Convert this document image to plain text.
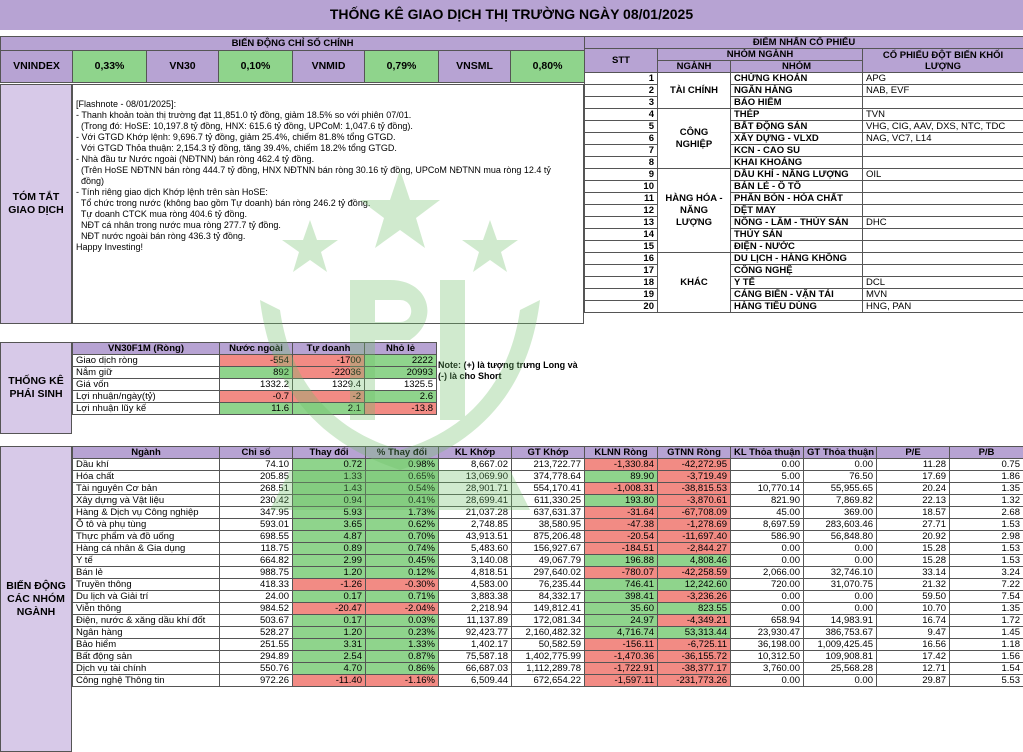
THỐNG KÊ GIAO DỊCH THỊ TRƯỜNG NGÀY 08/01/2025
BIẾN ĐỘNG CHỈ SỐ CHÍNH
VNINDEX	0,33%	VN30	0,10%	VNMID	0,79%	VNSML	0,80%
TÓM TẮT GIAO DỊCH

[Flashnote - 08/01/2025]:

- Thanh khoản toàn thị trường đạt 11,851.0 tỷ đồng, giảm 18.5% so với phiên 07/01.

(Trong đó: HoSE: 10,197.8 tỷ đồng, HNX: 615.6 tỷ đồng, UPCoM: 1,047.6 tỷ đồng).

- Với GTGD Khớp lệnh: 9,696.7 tỷ đồng, giảm 25.4%, chiếm 81.8% tổng GTGD.

Với GTGD Thỏa thuận: 2,154.3 tỷ đồng, tăng 39.4%, chiếm 18.2% tổng GTGD.

- Nhà đầu tư Nước ngoài (NĐTNN) bán ròng 462.4 tỷ đồng.

(Trên HoSE NĐTNN bán ròng 444.7 tỷ đồng, HNX NĐTNN bán ròng 30.16 tỷ đồng, UPCoM NĐTNN mua ròng 12.4 tỷ

đồng)

- Tính riêng giao dịch Khớp lệnh trên sàn HoSE:

Tổ chức trong nước (không bao gồm Tự doanh) bán ròng 246.2 tỷ đồng.

Tự doanh CTCK mua ròng 404.6 tỷ đồng.

NĐT cá nhân trong nước mua ròng 277.7 tỷ đồng.

NĐT nước ngoài bán ròng 436.3 tỷ đồng.

Happy Investing!

THỐNG KÊ PHÁI SINH
VN30F1M (Ròng)	Nước ngoài	Tự doanh	Nhỏ lẻ
Giao dịch ròng	-554	-1700	2222
Nắm giữ	892	-22036	20993
Giá vốn	1332.2	1329.4	1325.5
Lợi nhuận/ngày(tỷ)	-0.7	-2	2.6
Lợi nhuận lũy kế	11.6	2.1	-13.8
Note: (+) là tượng trưng Long và (-) là cho Short
ĐIỂM NHẤN CỔ PHIẾU			
STT	NHÓM NGÀNH		CỔ PHIẾU ĐỘT BIẾN KHỐI LƯỢNG
	NGÀNH	NHÓM	
1	TÀI CHÍNH	CHỨNG KHOÁN	APG
2		NGÂN HÀNG	NAB, EVF
3		BẢO HIỂM	
4	CÔNG NGHIỆP	THÉP	TVN
5		BẤT ĐỘNG SẢN	VHG, CIG, AAV, DXS, NTC, TDC
6		XÂY DỰNG - VLXD	NAG, VC7, L14
7		KCN - CAO SU	
8		KHAI KHOÁNG	
9	HÀNG HÓA - NĂNG LƯỢNG	DẦU KHÍ - NĂNG LƯỢNG	OIL
10		BÁN LẺ - Ô TÔ	
11		PHÂN BÓN - HÓA CHẤT	
12		DỆT MAY	
13		NÔNG - LÂM - THỦY SẢN	DHC
14		THỦY SẢN	
15		ĐIỆN - NƯỚC	
16	KHÁC	DU LỊCH - HÀNG KHÔNG	
17		CÔNG NGHỆ	
18		Y TẾ	DCL
19		CẢNG BIỂN - VẬN TẢI	MVN
20		HÀNG TIÊU DÙNG	HNG, PAN
BIẾN ĐỘNG CÁC NHÓM NGÀNH
Ngành	Chỉ số	Thay đổi	% Thay đổi	KL Khớp	GT Khớp	KLNN Ròng	GTNN Ròng	KL Thỏa thuận	GT Thỏa thuận	P/E	P/B
Dầu khí	74.10	0.72	0.98%	8,667.02	213,722.77	-1,330.84	-42,272.95	0.00	0.00	11.28	0.75
Hóa chất	205.85	1.33	0.65%	13,069.90	374,778.64	89.90	-3,719.49	5.00	76.50	17.69	1.86
Tài nguyên Cơ bản	268.51	1.43	0.54%	28,901.71	554,170.41	-1,008.31	-38,815.53	10,770.14	55,955.65	20.24	1.35
Xây dựng và Vật liệu	230.42	0.94	0.41%	28,699.41	611,330.25	193.80	-3,870.61	821.90	7,869.82	22.13	1.32
Hàng & Dịch vụ Công nghiệp	347.95	5.93	1.73%	21,037.28	637,631.37	-31.64	-67,708.09	45.00	369.00	18.57	2.68
Ô tô và phụ tùng	593.01	3.65	0.62%	2,748.85	38,580.95	-47.38	-1,278.69	8,697.59	283,603.46	27.71	1.53
Thực phẩm và đồ uống	698.55	4.87	0.70%	43,913.51	875,206.48	-20.54	-11,697.40	586.90	56,848.80	20.92	2.98
Hàng cá nhân & Gia dụng	118.75	0.89	0.74%	5,483.60	156,927.67	-184.51	-2,844.27	0.00	0.00	15.28	1.53
Y tế	664.82	2.99	0.45%	3,140.08	49,067.79	196.88	4,808.46	0.00	0.00	15.28	1.53
Bán lẻ	988.75	1.20	0.12%	4,818.51	297,640.02	-780.07	-42,258.59	2,066.00	32,746.10	33.14	3.24
Truyền thông	418.33	-1.26	-0.30%	4,583.00	76,235.44	746.41	12,242.60	720.00	31,070.75	21.32	7.22
Du lịch và Giải trí	24.00	0.17	0.71%	3,883.38	84,332.17	398.41	-3,236.26	0.00	0.00	59.50	7.54
Viễn thông	984.52	-20.47	-2.04%	2,218.94	149,812.41	35.60	823.55	0.00	0.00	10.70	1.35
Điện, nước & xăng dầu khí đốt	503.67	0.17	0.03%	11,137.89	172,081.34	24.97	-4,349.21	658.94	14,983.91	16.74	1.72
Ngân hàng	528.27	1.20	0.23%	92,423.77	2,160,482.32	4,716.74	53,313.44	23,930.47	386,753.67	9.47	1.45
Bảo hiểm	251.55	3.31	1.33%	1,402.17	50,582.59	-156.11	-6,725.11	36,198.00	1,009,425.45	16.56	1.18
Bất động sản	294.89	2.54	0.87%	75,587.18	1,402,775.99	-1,470.36	-36,155.72	10,312.50	109,908.81	17.42	1.56
Dịch vụ tài chính	550.76	4.70	0.86%	66,687.03	1,112,289.78	-1,722.91	-38,377.17	3,760.00	25,568.28	12.71	1.54
Công nghệ Thông tin	972.26	-11.40	-1.16%	6,509.44	672,654.22	-1,597.11	-231,773.26	0.00	0.00	29.87	5.53
